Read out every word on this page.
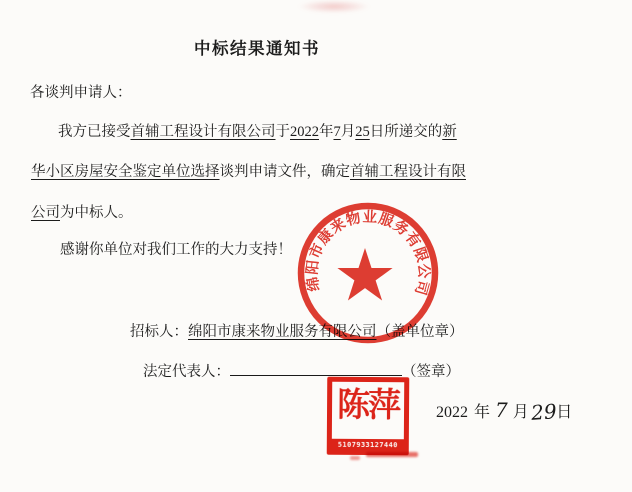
中标结果通知书
各谈判申请人：
我方已接受首辅工程设计有限公司于2022年7月25日所递交的新
华小区房屋安全鉴定单位选择谈判申请文件，确定首辅工程设计有限
公司为中标人。
感谢你单位对我们工作的大力支持！
招标人：绵阳市康来物业服务有限公司（盖单位章）
法定代表人：	（签章）
2022 年 7 月29日
绵阳市康来物业服务有限公司
陈萍
5107933127440
